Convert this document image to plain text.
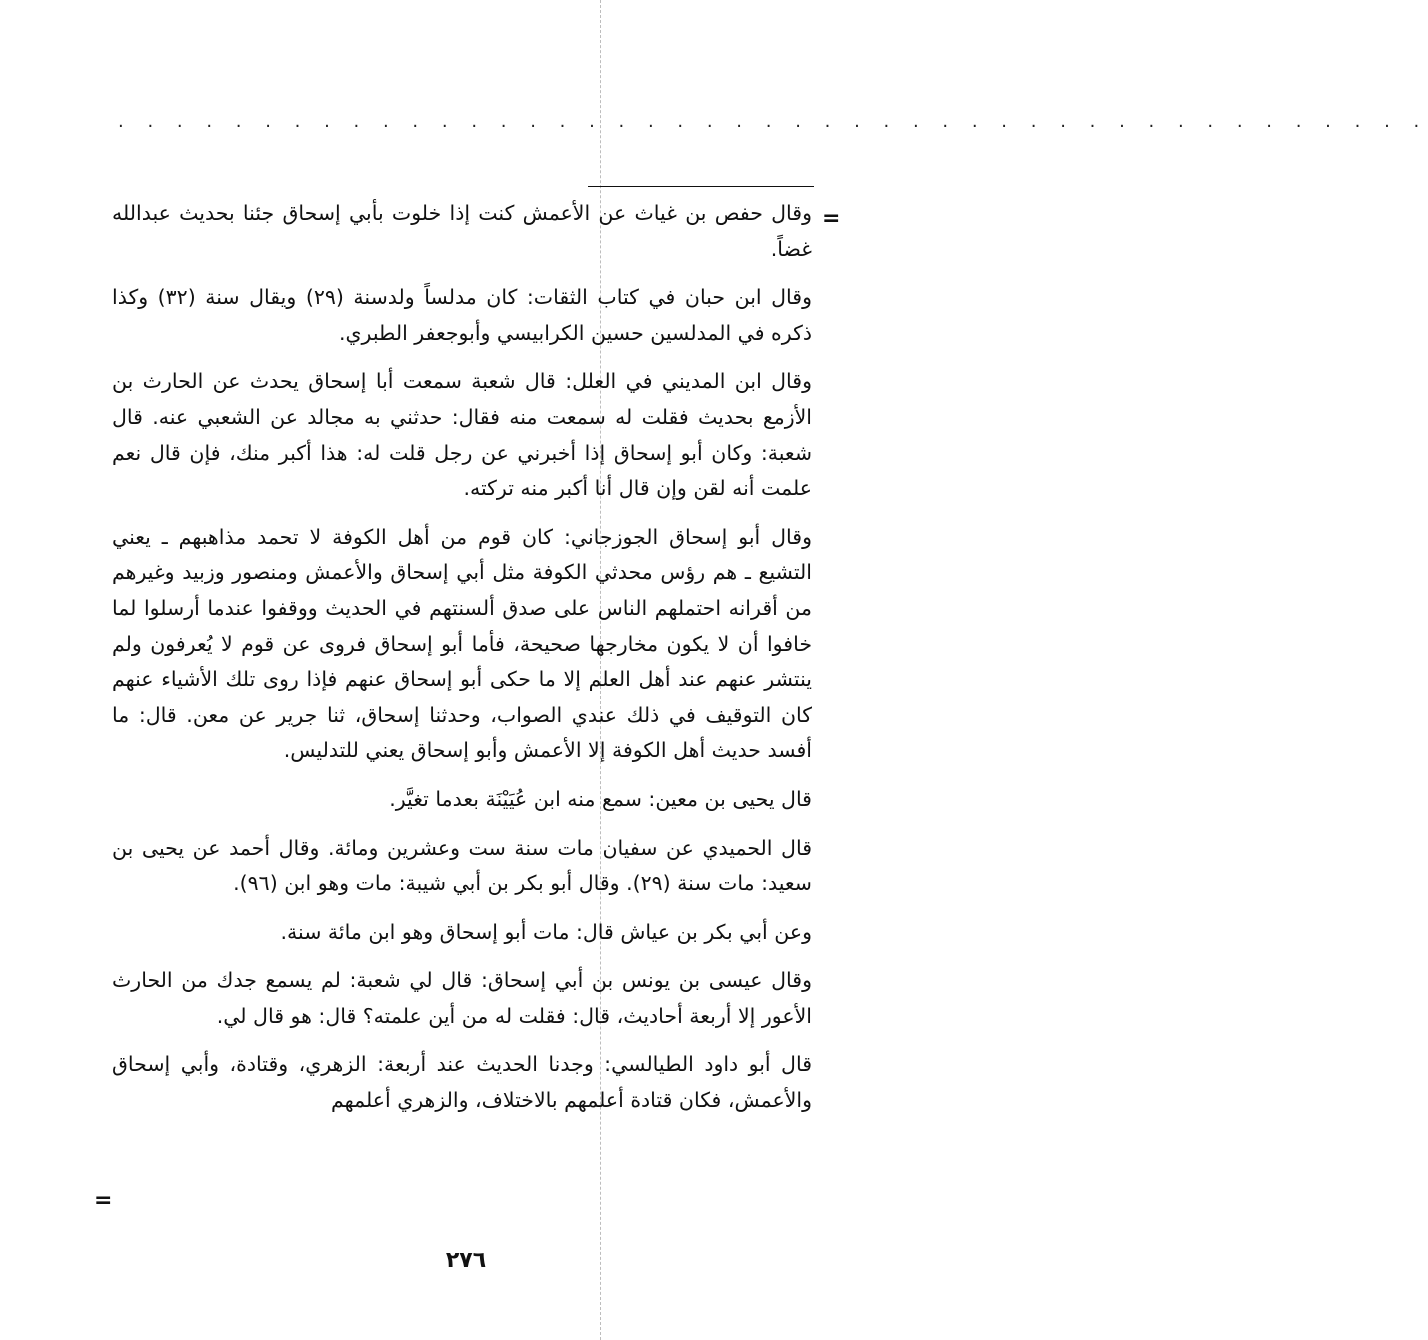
. . . . . . . . . . . . . . . . . . . . . . . . . . . . . . . . . . . . . . . . . . . . .
=

وقال حفص بن غياث عن الأعمش كنت إذا خلوت بأبي إسحاق جئنا بحديث عبدالله غضاً.

وقال ابن حبان في كتاب الثقات: كان مدلساً ولدسنة (٢٩) ويقال سنة (٣٢) وكذا ذكره في المدلسين حسين الكرابيسي وأبوجعفر الطبري.

وقال ابن المديني في العلل: قال شعبة سمعت أبا إسحاق يحدث عن الحارث بن الأزمع بحديث فقلت له سمعت منه فقال: حدثني به مجالد عن الشعبي عنه. قال شعبة: وكان أبو إسحاق إذا أخبرني عن رجل قلت له: هذا أكبر منك، فإن قال نعم علمت أنه لقن وإن قال أنا أكبر منه تركته.

وقال أبو إسحاق الجوزجاني: كان قوم من أهل الكوفة لا تحمد مذاهبهم ـ يعني التشيع ـ هم رؤس محدثي الكوفة مثل أبي إسحاق والأعمش ومنصور وزبيد وغيرهم من أقرانه احتملهم الناس على صدق ألسنتهم في الحديث ووقفوا عندما أرسلوا لما خافوا أن لا يكون مخارجها صحيحة، فأما أبو إسحاق فروى عن قوم لا يُعرفون ولم ينتشر عنهم عند أهل العلم إلا ما حكى أبو إسحاق عنهم فإذا روى تلك الأشياء عنهم كان التوقيف في ذلك عندي الصواب، وحدثنا إسحاق، ثنا جرير عن معن. قال: ما أفسد حديث أهل الكوفة إلا الأعمش وأبو إسحاق يعني للتدليس.

قال يحيى بن معين: سمع منه ابن عُيَيْنَة بعدما تغيَّر.

قال الحميدي عن سفيان مات سنة ست وعشرين ومائة. وقال أحمد عن يحيى بن سعيد: مات سنة (٢٩). وقال أبو بكر بن أبي شيبة: مات وهو ابن (٩٦).

وعن أبي بكر بن عياش قال: مات أبو إسحاق وهو ابن مائة سنة.

وقال عيسى بن يونس بن أبي إسحاق: قال لي شعبة: لم يسمع جدك من الحارث الأعور إلا أربعة أحاديث، قال: فقلت له من أين علمته؟ قال: هو قال لي.

قال أبو داود الطيالسي: وجدنا الحديث عند أربعة: الزهري، وقتادة، وأبي إسحاق والأعمش، فكان قتادة أعلمهم بالاختلاف، والزهري أعلمهم

=
٢٧٦
